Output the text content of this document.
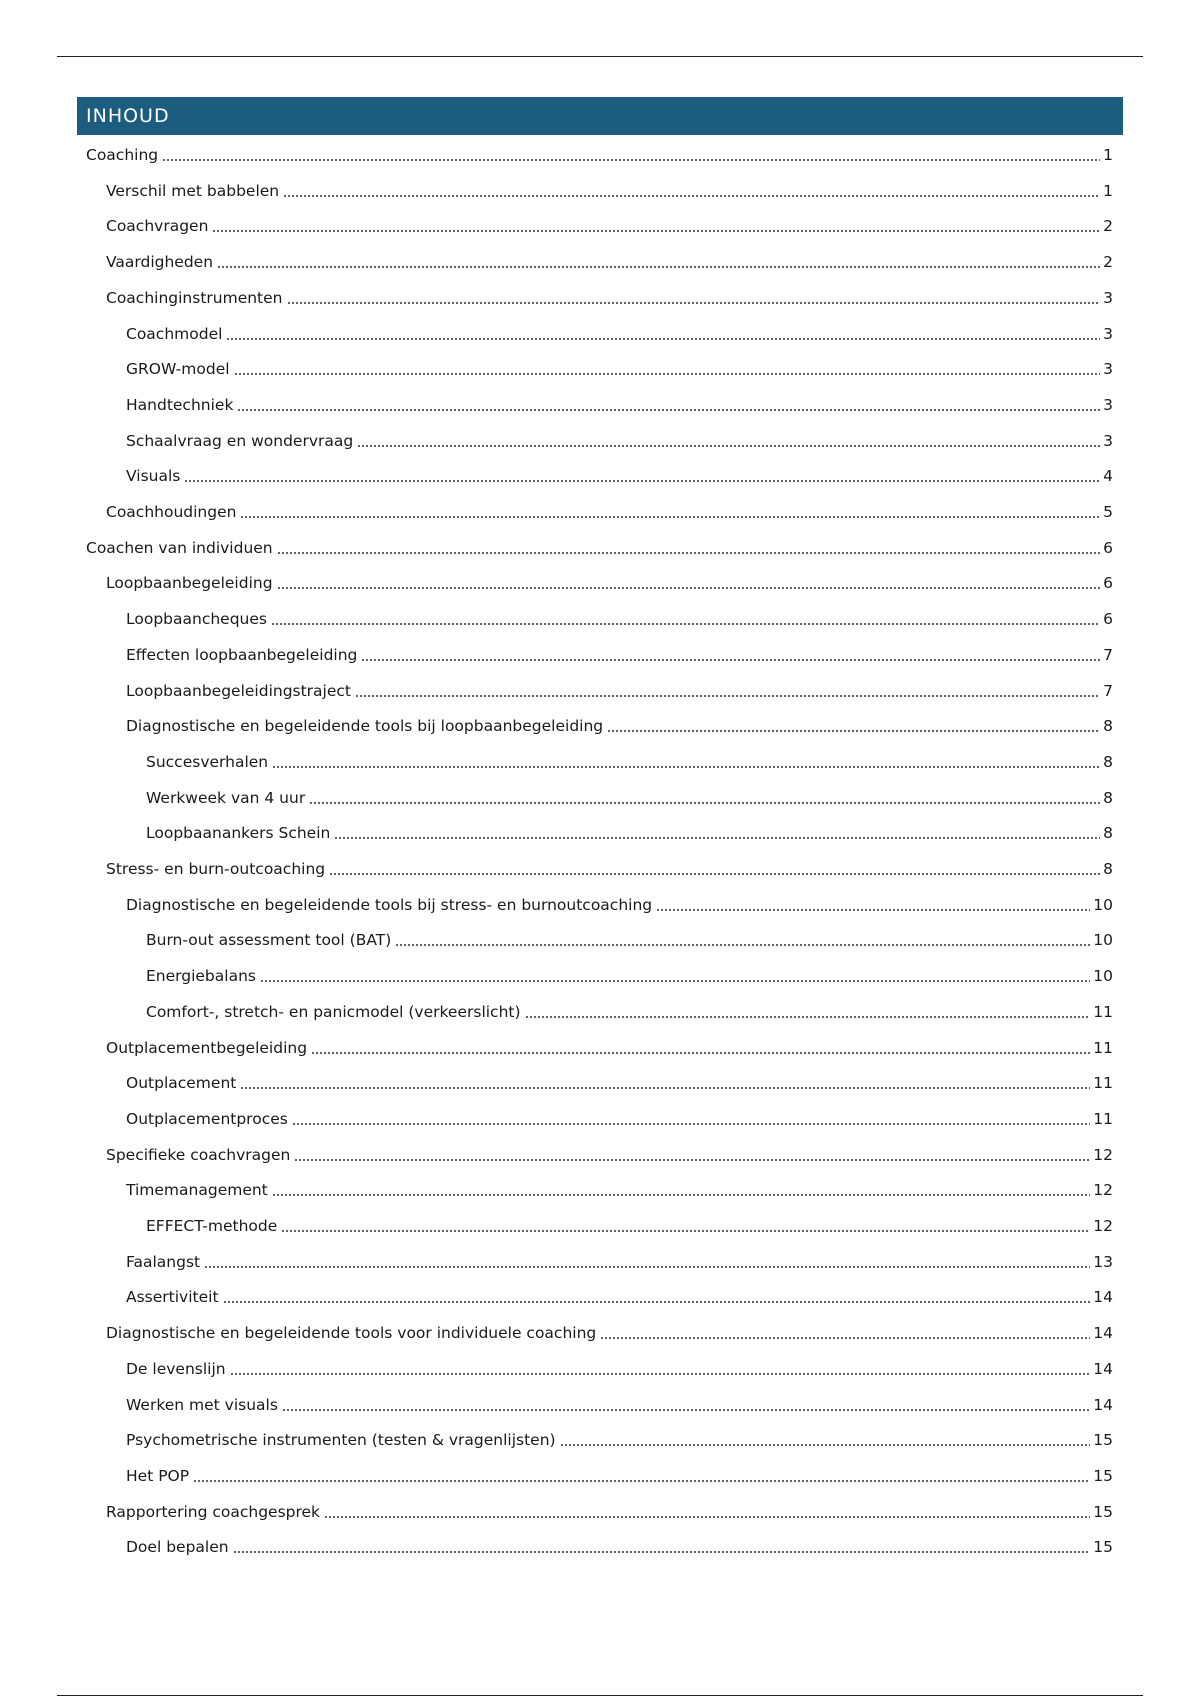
INHOUD
Coaching	1
Verschil met babbelen	1
Coachvragen	2
Vaardigheden	2
Coachinginstrumenten	3
Coachmodel	3
GROW-model	3
Handtechniek	3
Schaalvraag en wondervraag	3
Visuals	4
Coachhoudingen	5
Coachen van individuen	6
Loopbaanbegeleiding	6
Loopbaancheques	6
Effecten loopbaanbegeleiding	7
Loopbaanbegeleidingstraject	7
Diagnostische en begeleidende tools bij loopbaanbegeleiding	8
Succesverhalen	8
Werkweek van 4 uur	8
Loopbaanankers Schein	8
Stress- en burn-outcoaching	8
Diagnostische en begeleidende tools bij stress- en burnoutcoaching	10
Burn-out assessment tool (BAT)	10
Energiebalans	10
Comfort-, stretch- en panicmodel (verkeerslicht)	11
Outplacementbegeleiding	11
Outplacement	11
Outplacementproces	11
Specifieke coachvragen	12
Timemanagement	12
EFFECT-methode	12
Faalangst	13
Assertiviteit	14
Diagnostische en begeleidende tools voor individuele coaching	14
De levenslijn	14
Werken met visuals	14
Psychometrische instrumenten (testen & vragenlijsten)	15
Het POP	15
Rapportering coachgesprek	15
Doel bepalen	15
